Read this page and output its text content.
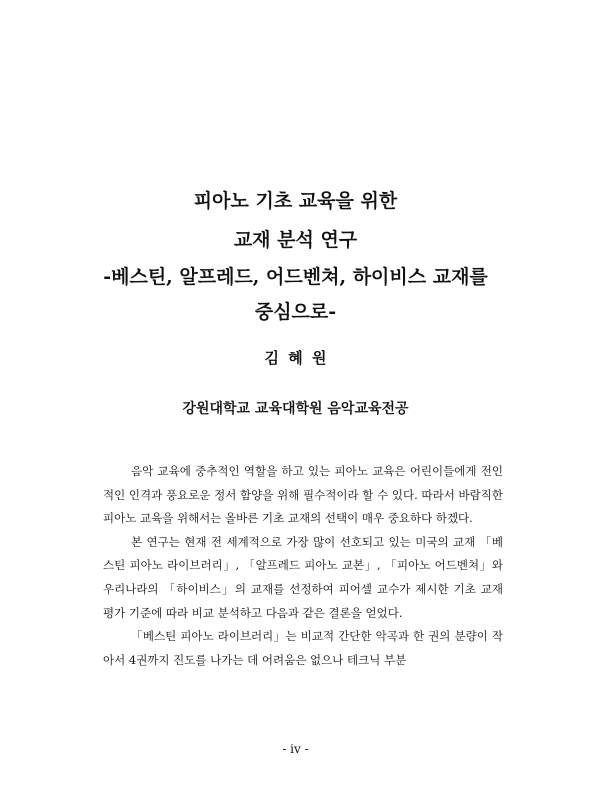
피아노 기초 교육을 위한
교재 분석 연구
-베스틴, 알프레드, 어드벤쳐, 하이비스 교재를
중심으로-
김 혜 원
강원대학교 교육대학원 음악교육전공

음악 교육에 중추적인 역할을 하고 있는 피아노 교육은 어린이들에게 전인적인 인격과 풍요로운 정서 함양을 위해 필수적이라 할 수 있다. 따라서 바람직한 피아노 교육을 위해서는 올바른 기초 교재의 선택이 매우 중요하다 하겠다.

본 연구는 현재 전 세계적으로 가장 많이 선호되고 있는 미국의 교재 「베스틴 피아노 라이브러리」, 「알프레드 피아노 교본」, 「피아노 어드벤쳐」와 우리나라의 「하이비스」의 교재를 선정하여 피어셀 교수가 제시한 기초 교재 평가 기준에 따라 비교 분석하고 다음과 같은 결론을 얻었다.

「베스틴 피아노 라이브러리」는 비교적 간단한 악곡과 한 권의 분량이 작아서 4권까지 진도를 나가는 데 어려움은 없으나 테크닉 부분

- iv -
